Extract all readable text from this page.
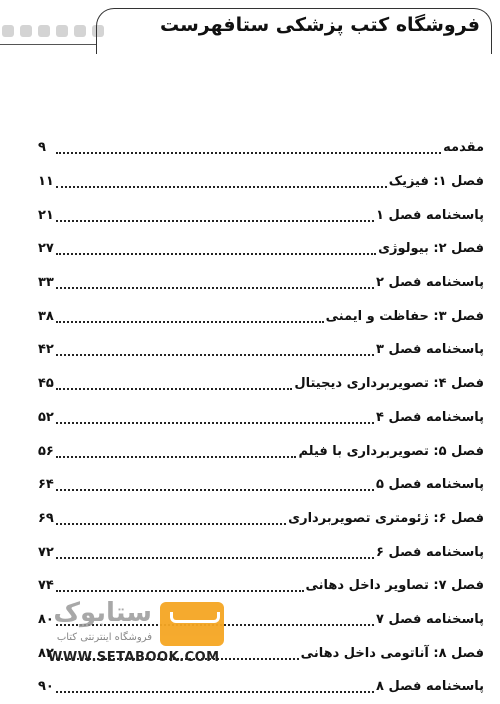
فروشگاه کتب پزشکی ستافهرست
مقدمه
۹
فصل ۱: فیزیک
۱۱
پاسخنامه فصل ۱
۲۱
فصل ۲: بیولوژی
۲۷
پاسخنامه فصل ۲
۳۳
فصل ۳: حفاظت و ایمنی
۳۸
پاسخنامه فصل ۳
۴۲
فصل ۴: تصویربرداری دیجیتال
۴۵
پاسخنامه فصل ۴
۵۲
فصل ۵: تصویربرداری با فیلم
۵۶
پاسخنامه فصل ۵
۶۴
فصل ۶: ژئومتری تصویربرداری
۶۹
پاسخنامه فصل ۶
۷۲
فصل ۷: تصاویر داخل دهانی
۷۴
پاسخنامه فصل ۷
۸۰
فصل ۸: آناتومی داخل دهانی
۸۲
پاسخنامه فصل ۸
۹۰
ستابوک
فروشگاه اینترنتی کتاب
WWW.SETABOOK.COM
